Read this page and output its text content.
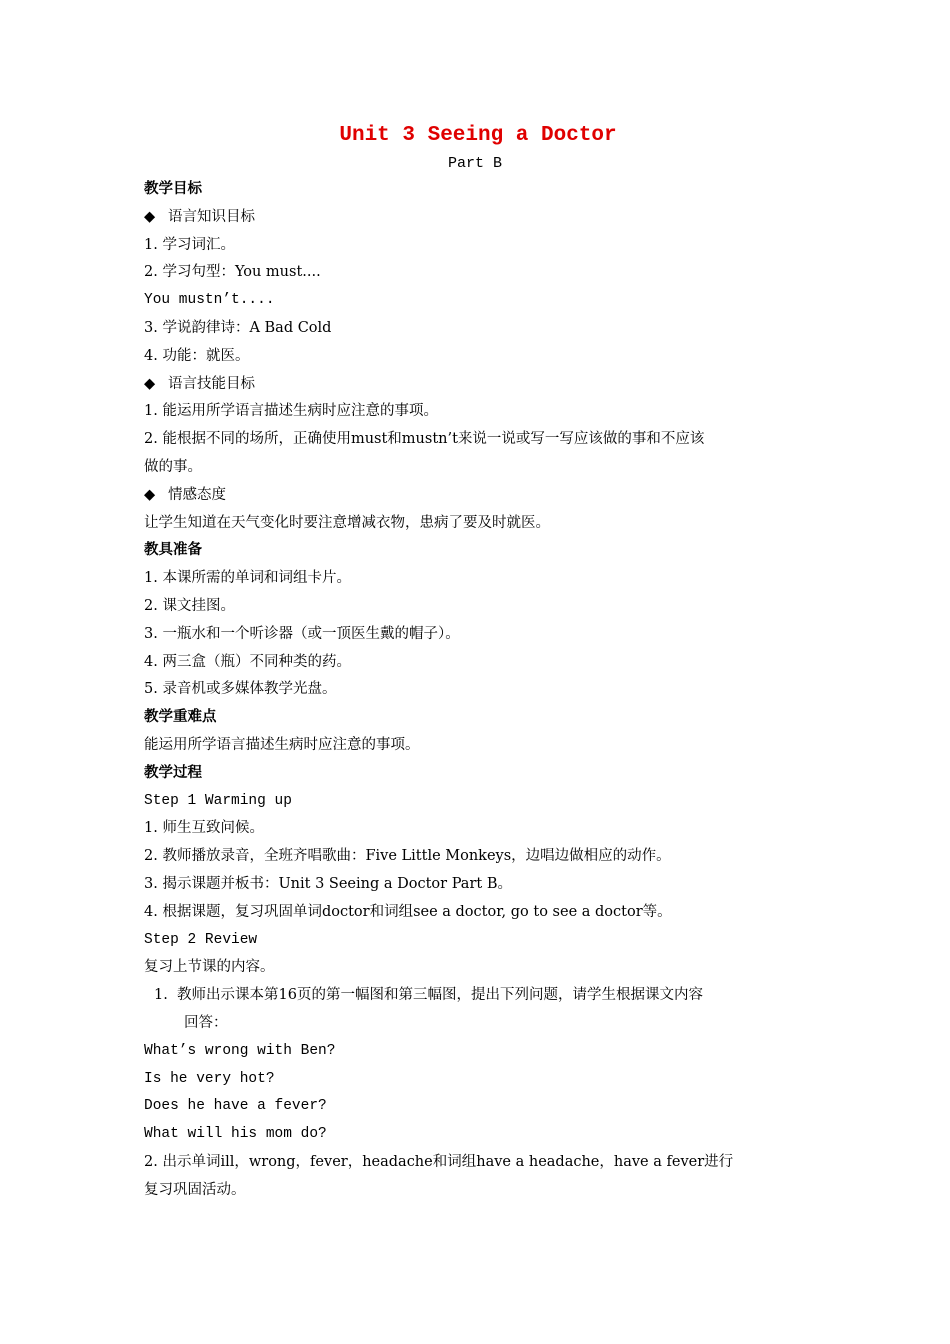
Unit 3 Seeing a Doctor
Part B

教学目标

◆ 语言知识目标

1. 学习词汇。

2. 学习句型：You must....

You mustn’t....

3. 学说韵律诗：A Bad Cold

4. 功能：就医。

◆ 语言技能目标

1. 能运用所学语言描述生病时应注意的事项。

2. 能根据不同的场所，正确使用must和mustn’t来说一说或写一写应该做的事和不应该

做的事。

◆ 情感态度

让学生知道在天气变化时要注意增减衣物，患病了要及时就医。

教具准备

1. 本课所需的单词和词组卡片。

2. 课文挂图。

3. 一瓶水和一个听诊器（或一顶医生戴的帽子）。

4. 两三盒（瓶）不同种类的药。

5. 录音机或多媒体教学光盘。

教学重难点

能运用所学语言描述生病时应注意的事项。

教学过程

Step 1 Warming up

1. 师生互致问候。

2. 教师播放录音，全班齐唱歌曲：Five Little Monkeys，边唱边做相应的动作。

3. 揭示课题并板书：Unit 3 Seeing a Doctor Part B。

4. 根据课题，复习巩固单词doctor和词组see a doctor, go to see a doctor等。

Step 2 Review

复习上节课的内容。

1.  教师出示课本第16页的第一幅图和第三幅图，提出下列问题，请学生根据课文内容

回答：

What’s wrong with Ben?

Is he very hot?

Does he have a fever?

What will his mom do?

2. 出示单词ill，wrong，fever，headache和词组have a headache，have a fever进行

复习巩固活动。
